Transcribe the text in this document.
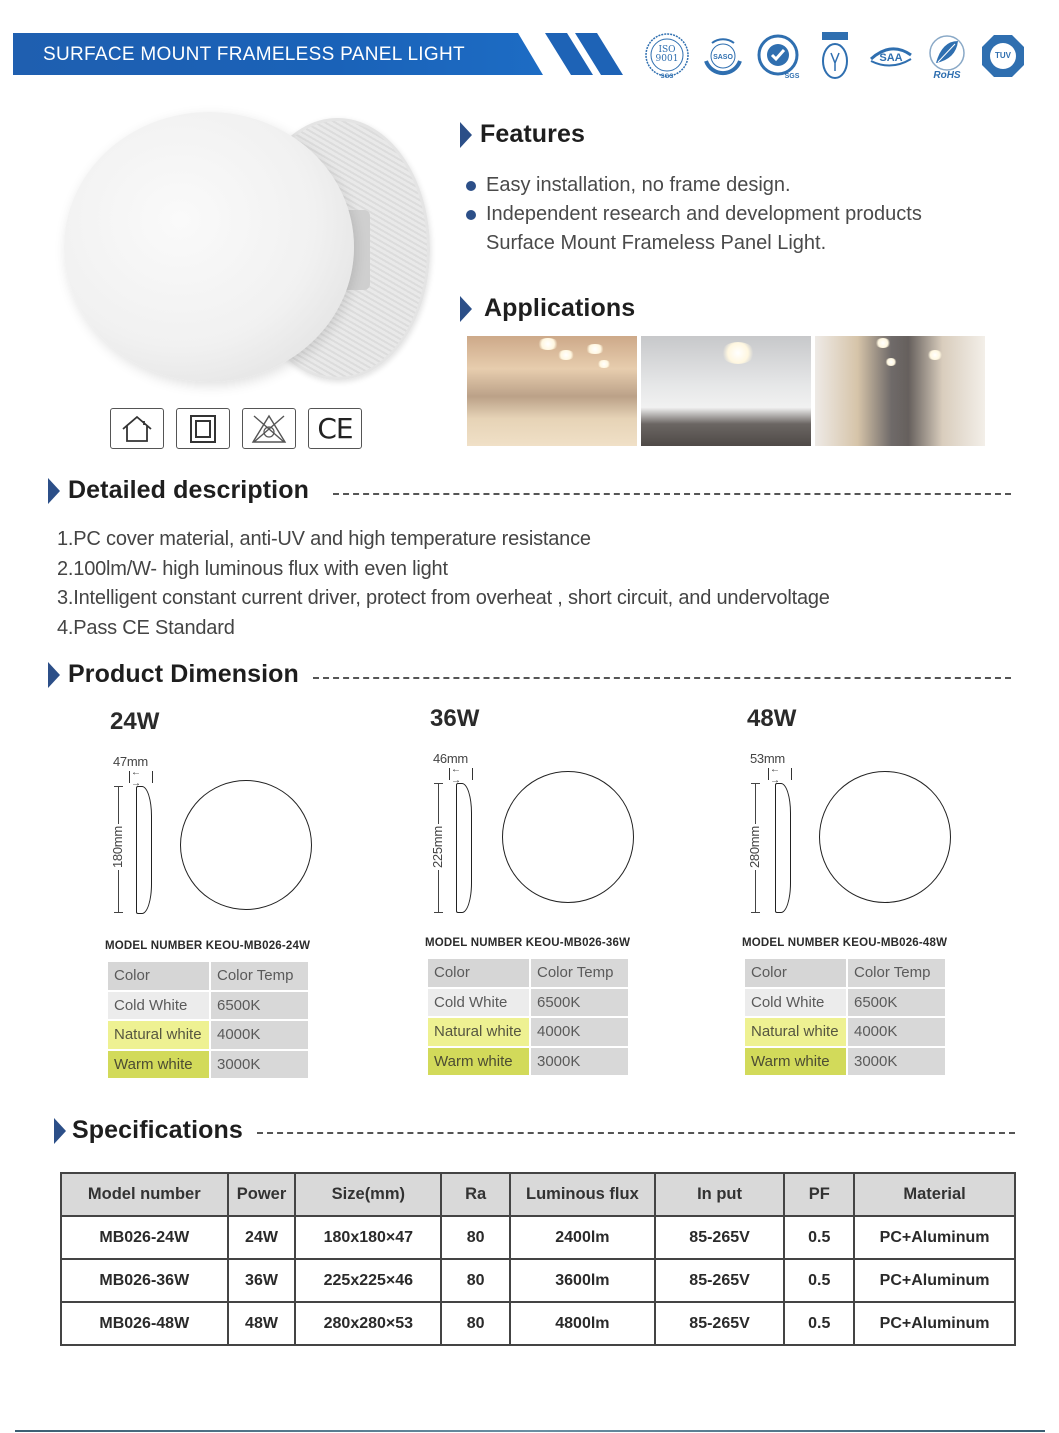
SURFACE MOUNT FRAMELESS PANEL LIGHT	ISO
9001
SGS
SASO
SGS
SAA
RoHS
TUV
CE
Features
Easy installation, no frame design.
Independent research and development products
Surface Mount Frameless Panel Light.
Applications
Detailed description
1.PC cover material, anti-UV and high temperature resistance
2.100lm/W- high luminous flux with even light
3.Intelligent constant current driver, protect from overheat , short circuit, and undervoltage
4.Pass CE Standard
Product Dimension
24W
47mm
← →
180mm
MODEL NUMBER KEOU-MB026-24W
Color	Color Temp
Cold White	6500K
Natural white	4000K
Warm white	3000K
36W
46mm
← →
225mm
MODEL NUMBER KEOU-MB026-36W
Color	Color Temp
Cold White	6500K
Natural white	4000K
Warm white	3000K
48W
53mm
← →
280mm
MODEL NUMBER KEOU-MB026-48W
Color	Color Temp
Cold White	6500K
Natural white	4000K
Warm white	3000K
Specifications
Model number	Power	Size(mm)	Ra	Luminous flux	In put	PF	Material
MB026-24W	24W	180x180×47	80	2400lm	85-265V	0.5	PC+Aluminum
MB026-36W	36W	225x225×46	80	3600lm	85-265V	0.5	PC+Aluminum
MB026-48W	48W	280x280×53	80	4800lm	85-265V	0.5	PC+Aluminum
